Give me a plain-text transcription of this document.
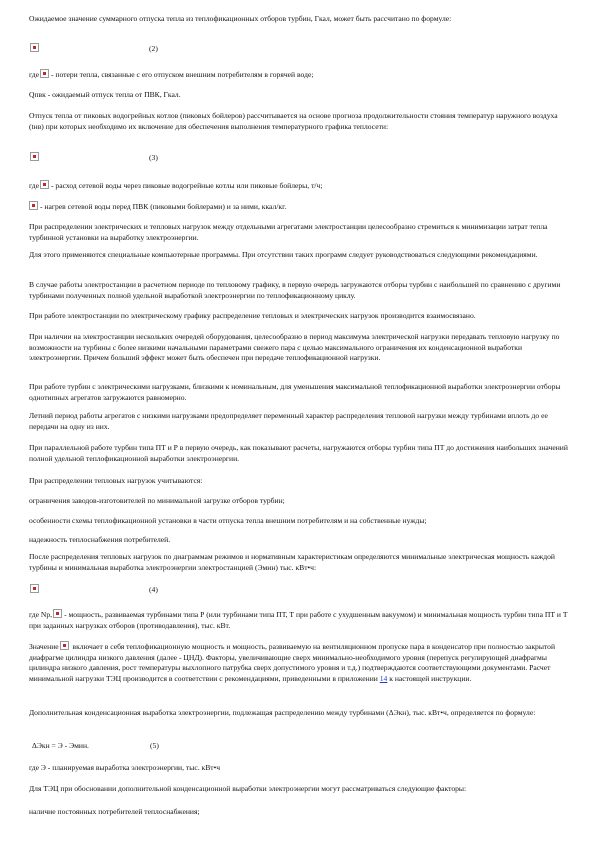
Ожидаемое значение суммарного отпуска тепла из теплофикационных отборов турбин, Гкал, может быть рассчитано по формуле:

(2)

где - потери тепла, связанные с его отпуском внешним потребителям в горячей воде;

Qпвк - ожидаемый отпуск тепла от ПВК, Гкал.

Отпуск тепла от пиковых водогрейных котлов (пиковых бойлеров) рассчитывается на основе прогноза продолжительности стояния температур наружного воздуха (tнв) при которых необходимо их включение для обеспечения выполнения температурного графика теплосети:

(3)

где - расход сетевой воды через пиковые водогрейные котлы или пиковые бойлеры, т/ч;

- нагрев сетевой воды перед ПВК (пиковыми бойлерами) и за ними, ккал/кг.

При распределении электрических и тепловых нагрузок между отдельными агрегатами электростанции целесообразно стремиться к минимизации затрат тепла турбинной установки на выработку электроэнергии.

Для этого применяются специальные компьютерные программы. При отсутствии таких программ следует руководствоваться следующими рекомендациями.

В случае работы электростанции в расчетном периоде по тепловому графику, в первую очередь загружаются отборы турбин с наибольшей по сравнению с другими турбинами полученных полной удельной выработкой электроэнергии по теплофикационному циклу.

При работе электростанции по электрическому графику распределение тепловых и электрических нагрузок производится взаимосвязано.

При наличии на электростанции нескольких очередей оборудования, целесообразно в период максимума электрической нагрузки передавать тепловую нагрузку по возможности на турбины с более низкими начальными параметрами свежего пара с целью максимального ограничения их конденсационной выработки электроэнергии. Причем больший эффект может быть обеспечен при передаче теплофикационной нагрузки.

При работе турбин с электрическими нагрузками, близкими к номинальным, для уменьшения максимальной теплофикационной выработки электроэнергии отборы однотипных агрегатов загружаются равномерно.

Летний период работы агрегатов с низкими нагрузками предопределяет переменный характер распределения тепловой нагрузки между турбинами вплоть до ее передачи на одну из них.

При параллельной работе турбин типа ПТ и Р в первую очередь, как показывают расчеты, нагружаются отборы турбин типа ПТ до достижения наибольших значений полной удельной теплофикационной выработки электроэнергии.

При распределении тепловых нагрузок учитываются:

ограничения заводов-изготовителей по минимальной загрузке отборов турбин;

особенности схемы теплофикационной установки в части отпуска тепла внешним потребителям и на собственные нужды;

надежность теплоснабжения потребителей.

После распределения тепловых нагрузок по диаграммам режимов и нормативным характеристикам определяются минимальные электрическая мощность каждой турбины и минимальная выработка электроэнергии электростанцией (Эмин) тыс. кВт•ч:

(4)

где Np, - мощность, развиваемая турбинами типа Р (или турбинами типа ПТ, Т при работе с ухудшенным вакуумом) и минимальная мощность турбин типа ПТ и Т при заданных нагрузках отборов (противодавления), тыс. кВт.

Значение включает в себя теплофикационную мощность и мощность, развиваемую на вентиляционном пропуске пара в конденсатор при полностью закрытой диафрагме цилиндра низкого давления (далее - ЦНД). Факторы, увеличивающие сверх минимально-необходимого уровня (перепуск регулирующей диафрагмы цилиндра низкого давления, рост температуры выхлопного патрубка сверх допустимого уровня и т.д.) подтверждаются соответствующими документами. Расчет минимальной нагрузки ТЭЦ производится в соответствии с рекомендациями, приведенными в приложении 14 к настоящей инструкции.

Дополнительная конденсационная выработка электроэнергии, подлежащая распределению между турбинами (ΔЭкн), тыс. кВт•ч, определяется по формуле:

ΔЭкн = Э - Эмин.	(5)

где Э - планируемая выработка электроэнергии, тыс. кВт•ч

Для ТЭЦ при обосновании дополнительной конденсационной выработки электроэнергии могут рассматриваться следующие факторы:

наличие постоянных потребителей теплоснабжения;
